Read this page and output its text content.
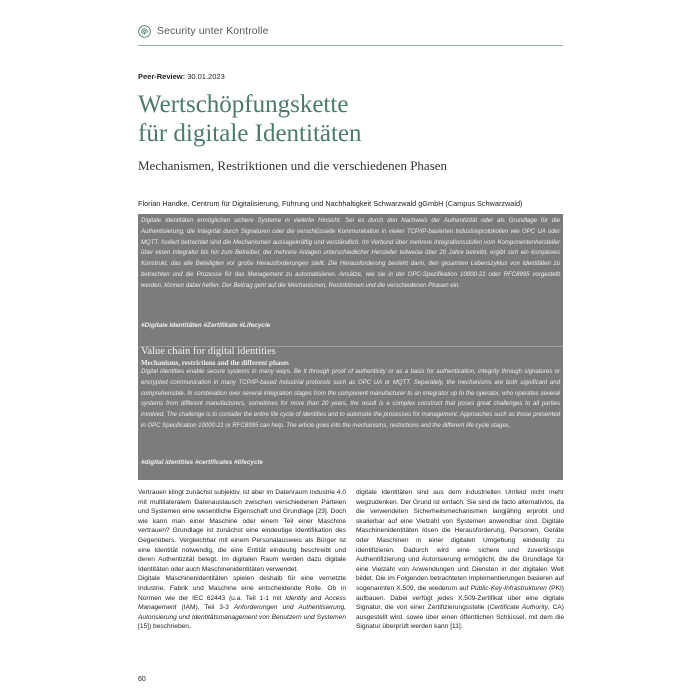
Security unter Kontrolle
Peer-Review: 30.01.2023
Wertschöpfungskette
für digitale Identitäten
Mechanismen, Restriktionen und die verschiedenen Phasen
Florian Handke, Centrum für Digitalisierung, Führung und Nachhaltigkeit Schwarzwald gGmbH (Campus Schwarzwald)

Digitale Identitäten ermöglichen sichere Systeme in vielerlei Hinsicht. Sei es durch den Nachweis der Authentizität oder als Grundlage für die Authentisierung, die Integrität durch Signaturen oder die verschlüsselte Kommunikation in vielen TCP/IP-basierten Industrieprotokollen wie OPC UA oder MQTT. Isoliert betrachtet sind die Mechanismen aussagekräftig und verständlich. Im Verbund über mehrere Integrationsstufen vom Komponentenhersteller über einen Integrator bis hin zum Betreiber, der mehrere Anlagen unterschiedlicher Hersteller teilweise über 20 Jahre betreibt, ergibt sich ein komplexes Konstrukt, das alle Beteiligten vor große Herausforderungen stellt. Die Herausforderung besteht darin, den gesamten Lebenszyklus von Identitäten zu betrachten und die Prozesse für das Management zu automatisieren. Ansätze, wie sie in der OPC-Spezifikation 10000-21 oder RFC8995 vorgestellt werden, können dabei helfen. Der Beitrag geht auf die Mechanismen, Restriktionen und die verschiedenen Phasen ein.

#Digitale Identitäten #Zertifikate #Lifecycle
Value chain for digital identities
Mechanisms, restrictions and the different phases

Digital identities enable secure systems in many ways. Be it through proof of authenticity or as a basis for authentication, integrity through signatures or encrypted communication in many TCP/IP-based industrial protocols such as OPC UA or MQTT. Separately, the mechanisms are both significant and comprehensible. In combination over several integration stages from the component manufacturer to an integrator up to the operator, who operates several systems from different manufacturers, sometimes for more than 20 years, the result is a complex construct that poses great challenges to all parties involved. The challenge is to consider the entire life cycle of identities and to automate the processes for management. Approaches such as those presented in OPC Specification 10000-21 or RFC8995 can help. The article goes into the mechanisms, restrictions and the different life cycle stages.

#digital identities #certificates #lifecycle

Vertrauen klingt zunächst subjektiv, ist aber im Datenraum Industrie 4.0 mit multilateralem Datenaustausch zwischen verschiedenen Parteien und Systemen eine wesentliche Eigenschaft und Grundlage [23]. Doch wie kann man einer Maschine oder einem Teil einer Maschine vertrauen? Grundlage ist zunächst eine eindeutige Identifikation des Gegenübers. Vergleichbar mit einem Personalausweis als Bürger ist eine Identität notwendig, die eine Entität eindeutig beschreibt und deren Authentizität belegt. Im digitalen Raum werden dazu digitale Identitäten oder auch Maschinenidentitäten verwendet.

Digitale Maschinenidentitäten spielen deshalb für eine vernetzte Industrie, Fabrik und Maschine eine entscheidende Rolle. Ob in Normen wie der IEC 62443 (u.a. Teil 1-1 mit Identity and Access Management (IAM), Teil 3-3 Anforderungen und Authentisierung, Autorisierung und Identitätsmanagement von Benutzern und Systemen [15]) beschrieben,

digitale Identitäten sind aus dem industriellen Umfeld nicht mehr wegzudenken. Der Grund ist einfach: Sie sind de facto alternativlos, da die verwendeten Sicherheitsmechanismen langjährig erprobt und skalierbar auf eine Vielzahl von Systemen anwendbar sind. Digitale Maschinenidentitäten lösen die Herausforderung, Personen, Geräte oder Maschinen in einer digitalen Umgebung eindeutig zu identifizieren. Dadurch wird eine sichere und zuverlässige Authentifizierung und Autorisierung ermöglicht, die die Grundlage für eine Vielzahl von Anwendungen und Diensten in der digitalen Welt bildet. Die im Folgenden betrachteten Implementierungen basieren auf sogenannten X.509, die wiederum auf Public-Key-Infrastrukturen (PKI) aufbauen. Dabei verfügt jedes X.509-Zertifikat über eine digitale Signatur, die von einer Zertifizierungsstelle (Certificate Authority, CA) ausgestellt wird, sowie über einen öffentlichen Schlüssel, mit dem die Signatur überprüft werden kann [11].

60
